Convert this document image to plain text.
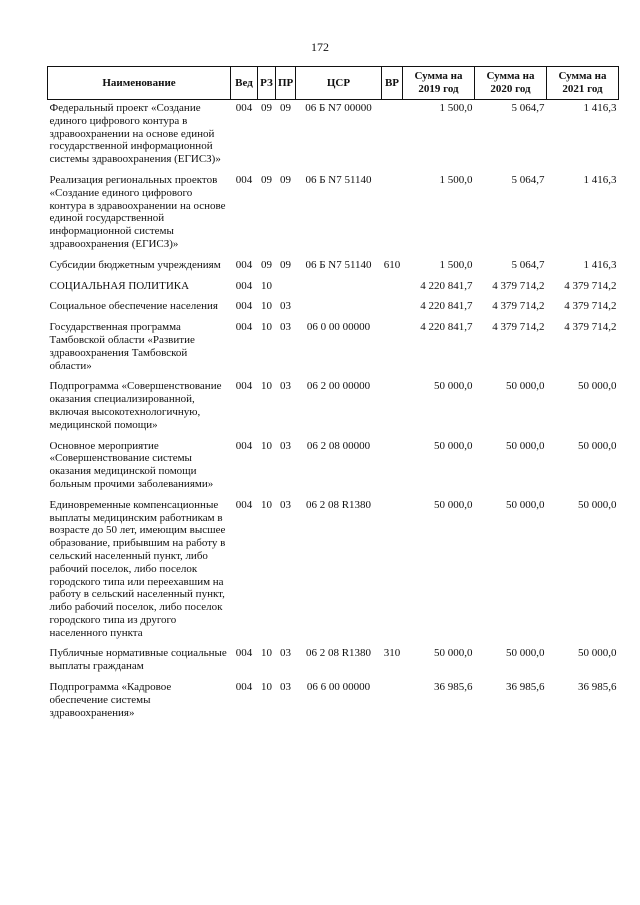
172
Наименование	Вед	РЗ	ПР	ЦСР	ВР	Сумма на 2019 год	Сумма на 2020 год	Сумма на 2021 год
Федеральный проект «Создание единого цифрового контура в здравоохранении на основе единой государственной информационной системы здравоохранения (ЕГИСЗ)»	004	09	09	06 Б N7 00000		1 500,0	5 064,7	1 416,3
Реализация региональных проектов «Создание единого цифрового контура в здравоохранении на основе единой государственной информационной системы здравоохранения (ЕГИСЗ)»	004	09	09	06 Б N7 51140		1 500,0	5 064,7	1 416,3
Субсидии бюджетным учреждениям	004	09	09	06 Б N7 51140	610	1 500,0	5 064,7	1 416,3
СОЦИАЛЬНАЯ ПОЛИТИКА	004	10				4 220 841,7	4 379 714,2	4 379 714,2
Социальное обеспечение населения	004	10	03			4 220 841,7	4 379 714,2	4 379 714,2
Государственная программа Тамбовской области «Развитие здравоохранения Тамбовской области»	004	10	03	06 0 00 00000		4 220 841,7	4 379 714,2	4 379 714,2
Подпрограмма «Совершенствование оказания специализированной, включая высокотехнологичную, медицинской помощи»	004	10	03	06 2 00 00000		50 000,0	50 000,0	50 000,0
Основное мероприятие «Совершенствование системы оказания медицинской помощи больным прочими заболеваниями»	004	10	03	06 2 08 00000		50 000,0	50 000,0	50 000,0
Единовременные компенсационные выплаты медицинским работникам в возрасте до 50 лет, имеющим высшее образование, прибывшим на работу в сельский населенный пункт, либо рабочий поселок, либо поселок городского типа или переехавшим на работу в сельский населенный пункт, либо рабочий поселок, либо поселок городского типа из другого населенного пункта	004	10	03	06 2 08 R1380		50 000,0	50 000,0	50 000,0
Публичные нормативные социальные выплаты гражданам	004	10	03	06 2 08 R1380	310	50 000,0	50 000,0	50 000,0
Подпрограмма «Кадровое обеспечение системы здравоохранения»	004	10	03	06 6 00 00000		36 985,6	36 985,6	36 985,6
